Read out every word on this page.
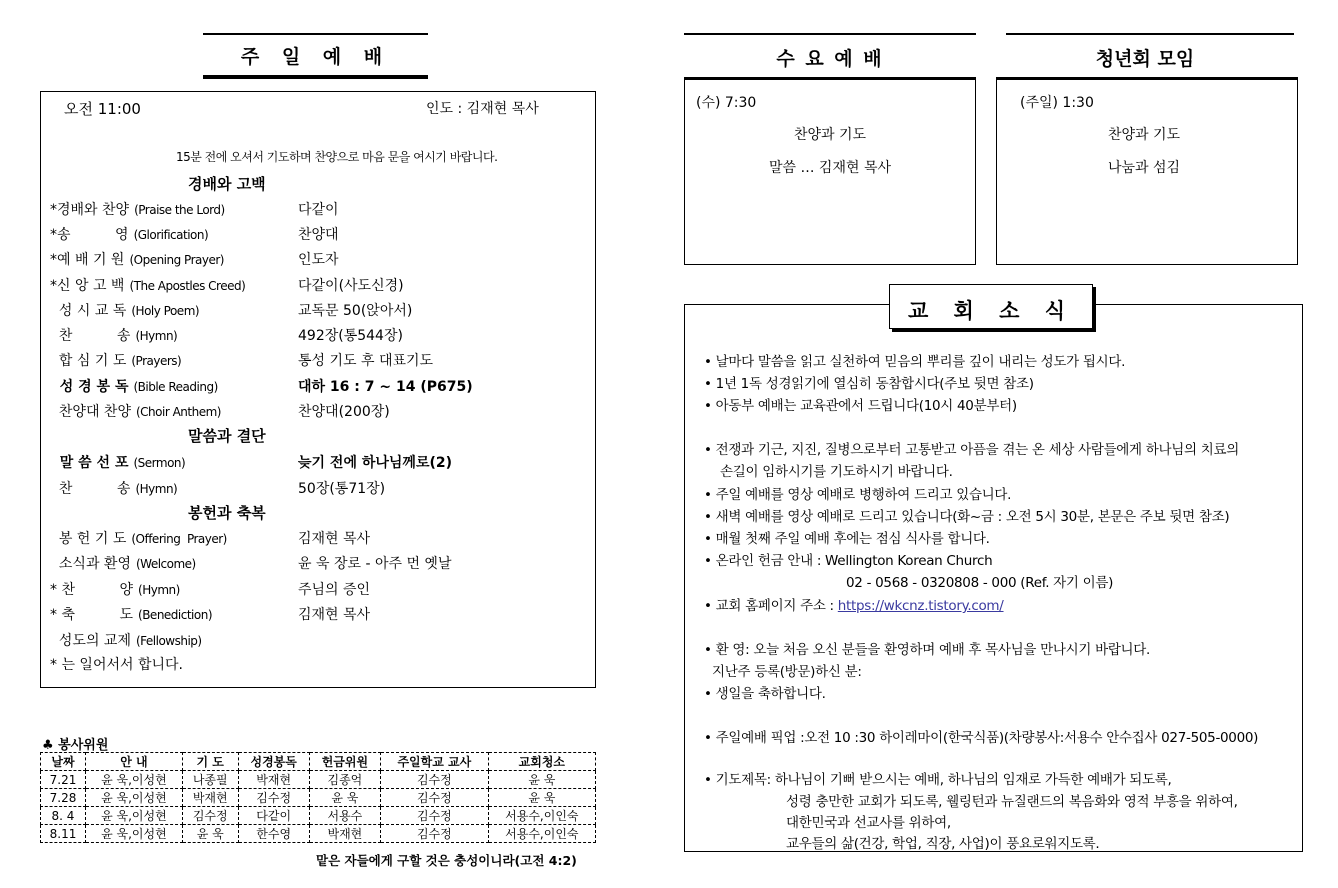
주 일 예 배
오전 11:00	인도 : 김재현 목사
15분 전에 오셔서 기도하며 찬양으로 마음 문을 여시기 바랍니다.
경배와 고백
*경배와 찬양 (Praise the Lord)	다같이
*송          영 (Glorification)	찬양대
*예 배 기 원 (Opening Prayer)	인도자
*신 앙 고 백 (The Apostles Creed)	다같이(사도신경)
성 시 교 독 (Holy Poem)	교독문 50(앉아서)
찬          송 (Hymn)	492장(통544장)
합 심 기 도 (Prayers)	통성 기도 후 대표기도
성 경 봉 독 (Bible Reading)	대하 16 : 7 ~ 14 (P675)
찬양대 찬양 (Choir Anthem)	찬양대(200장)
말 씀 선 포 (Sermon)	늦기 전에 하나님께로(2)
찬          송 (Hymn)	50장(통71장)
봉 헌 기 도 (Offering  Prayer)	김재현 목사
소식과 환영 (Welcome)	윤 욱 장로 - 아주 먼 옛날
* 찬          양 (Hymn)	주님의 증인
* 축          도 (Benediction)	김재현 목사
성도의 교제 (Fellowship)
말씀과 결단
봉헌과 축복
* 는 일어서서 합니다.
♣ 봉사위원
날짜	안 내	기 도	성경봉독	헌금위원	주일학교 교사	교회청소
7.21	윤 욱,이성현	나종필	박재현	김종억	김수정	윤 욱
7.28	윤 욱,이성현	박재현	김수정	윤 욱	김수정	윤 욱
8. 4	윤 욱,이성현	김수정	다같이	서용수	김수정	서용수,이인숙
8.11	윤 욱,이성현	윤 욱	한수영	박재현	김수정	서용수,이인숙
맡은 자들에게 구할 것은 충성이니라(고전 4:2)
수 요 예 배
(수) 7:30
찬양과 기도
말씀 … 김재현 목사
청년회 모임
(주일) 1:30
찬양과 기도
나눔과 섬김
교 회 소 식
• 날마다 말씀을 읽고 실천하여 믿음의 뿌리를 깊이 내리는 성도가 됩시다.
• 1년 1독 성경읽기에 열심히 동참합시다(주보 뒷면 참조)
• 아동부 예배는 교육관에서 드립니다(10시 40분부터)
• 전쟁과 기근, 지진, 질병으로부터 고통받고 아픔을 겪는 온 세상 사람들에게 하나님의 치료의
손길이 임하시기를 기도하시기 바랍니다.
• 주일 예배를 영상 예배로 병행하여 드리고 있습니다.
• 새벽 예배를 영상 예배로 드리고 있습니다(화~금 : 오전 5시 30분, 본문은 주보 뒷면 참조)
• 매월 첫째 주일 예배 후에는 점심 식사를 합니다.
• 온라인 헌금 안내 : Wellington Korean Church
02 - 0568 - 0320808 - 000 (Ref. 자기 이름)
• 교회 홈페이지 주소 : https://wkcnz.tistory.com/
• 환 영: 오늘 처음 오신 분들을 환영하며 예배 후 목사님을 만나시기 바랍니다.
지난주 등록(방문)하신 분:
• 생일을 축하합니다.
• 주일예배 픽업 :오전 10 :30 하이레마이(한국식품)(차량봉사:서용수 안수집사 027-505-0000)
• 기도제목: 하나님이 기뻐 받으시는 예배, 하나님의 임재로 가득한 예배가 되도록,
성령 충만한 교회가 되도록, 웰링턴과 뉴질랜드의 복음화와 영적 부흥을 위하여,
대한민국과 선교사를 위하여,
교우들의 삶(건강, 학업, 직장, 사업)이 풍요로워지도록.
